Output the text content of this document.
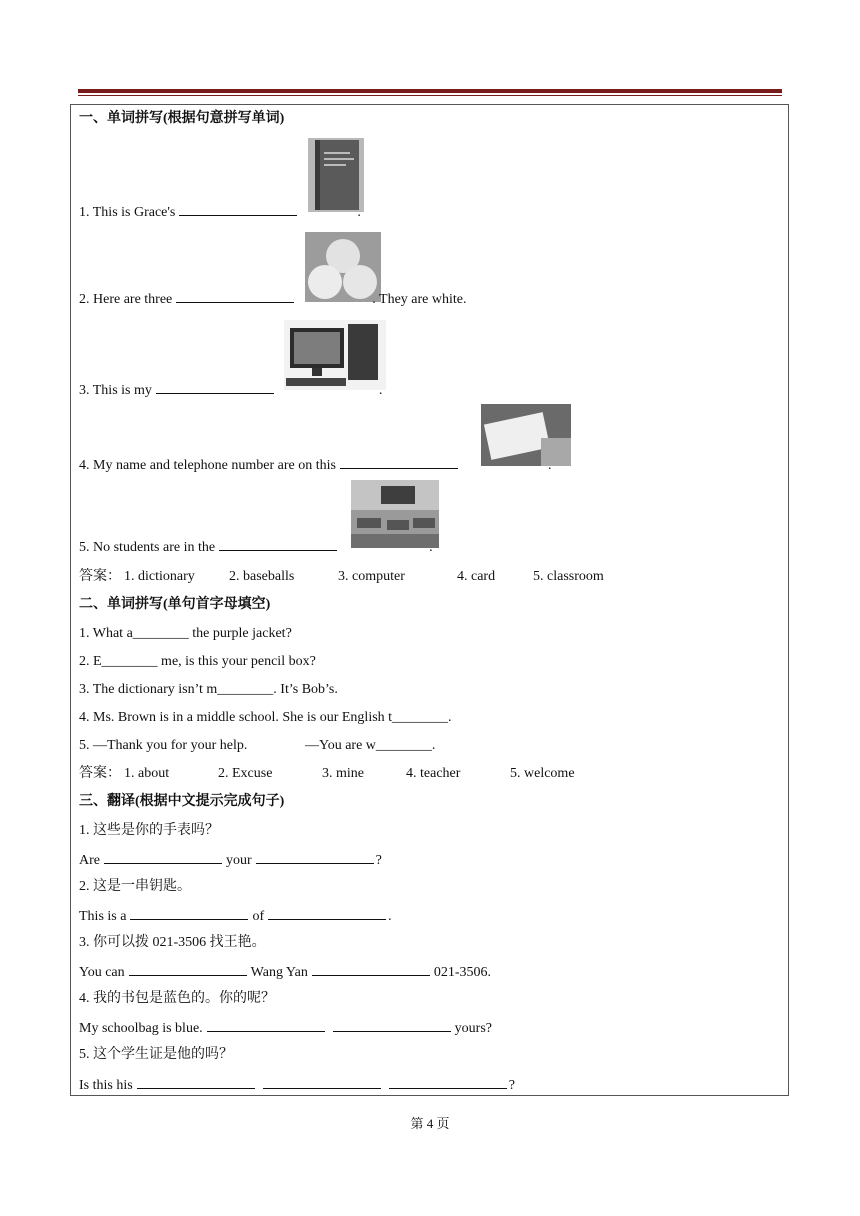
一、单词拼写(根据句意拼写单词)
1. This is Grace's	.
2. Here are three	. They are white.
3. This is my	.
4. My name and telephone number are on this	.
5. No students are in the	.
答案： 1. dictionary 2. baseballs	3. computer	4. card	5. classroom
二、单词拼写(单句首字母填空)
1. What a________ the purple jacket?
2. E________ me, is this your pencil box?
3. The dictionary isn’t m________. It’s Bob’s.
4. Ms. Brown is in a middle school. She is our English t________.
5. —Thank you for your help.	—You are w________.
答案： 1. about	2. Excuse	3. mine	4. teacher	5. welcome
三、翻译(根据中文提示完成句子)
1. 这些是你的手表吗？
Are	your	?
2. 这是一串钥匙。
This is a	of	.
3. 你可以拨 021-3506 找王艳。
You can	Wang Yan	021-3506.
4. 我的书包是蓝色的。你的呢？
My schoolbag is blue.	yours?
5. 这个学生证是他的吗？
Is this his	?
第 4 页
